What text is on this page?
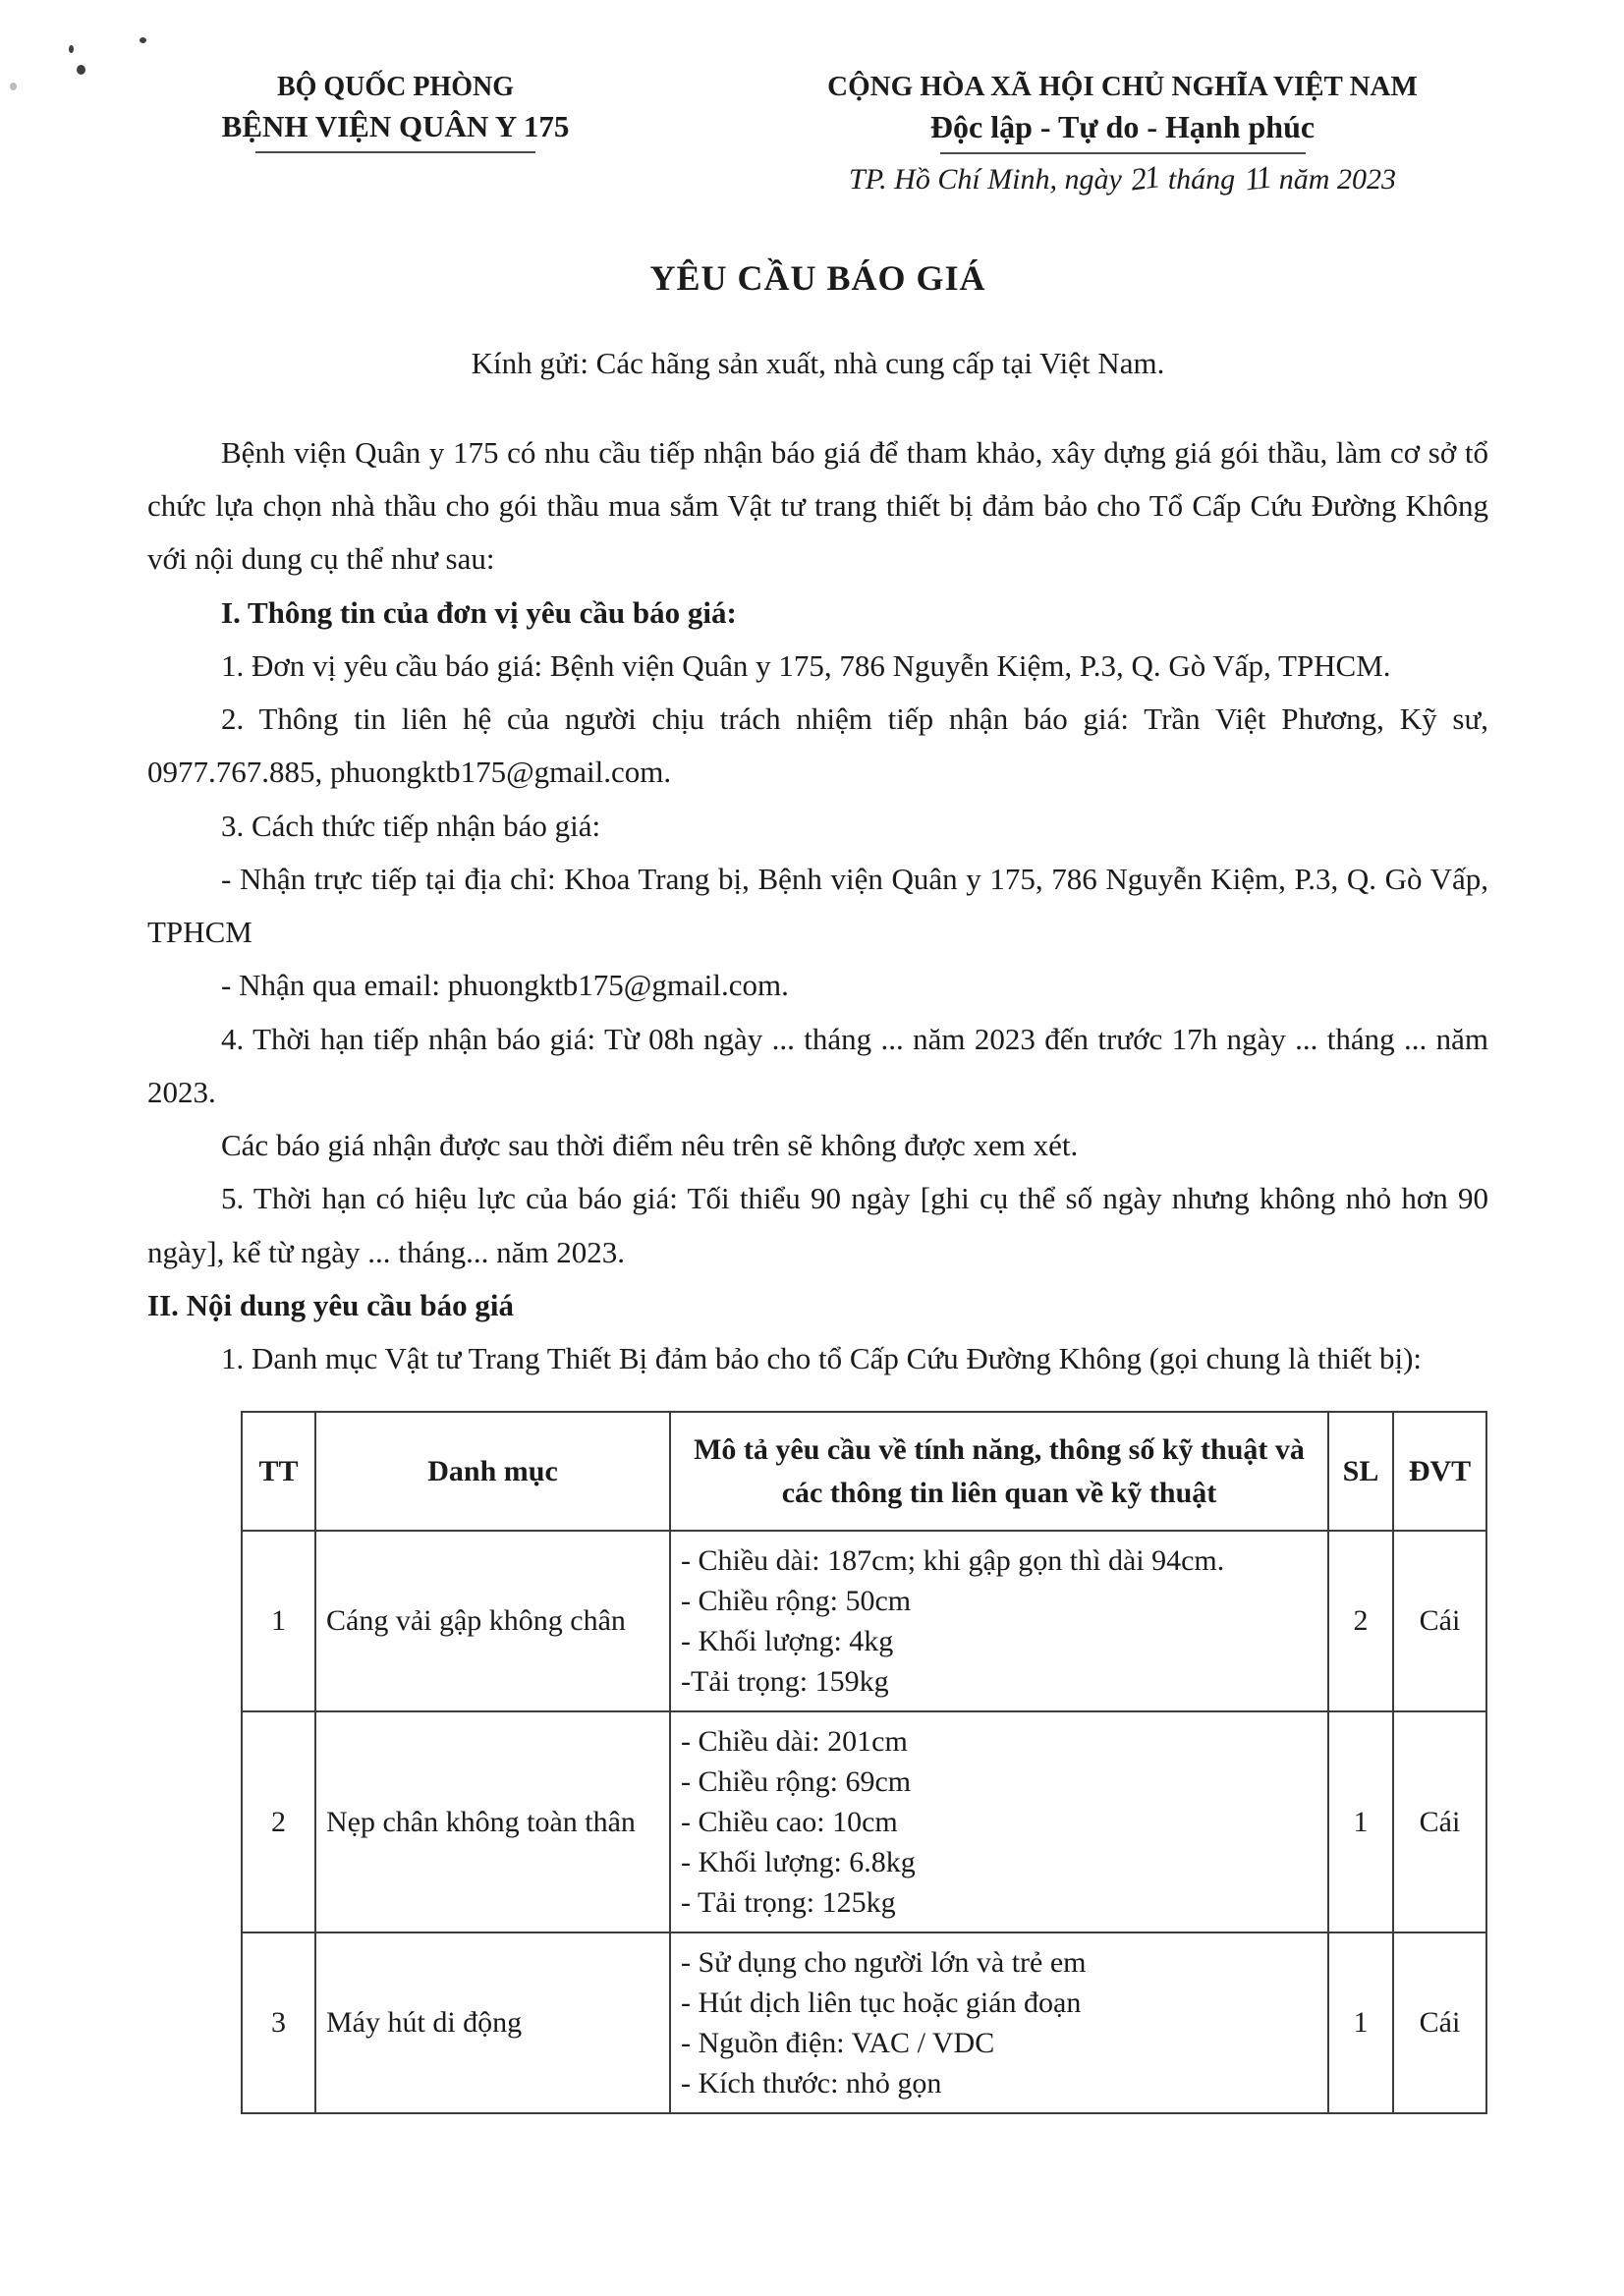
BỘ QUỐC PHÒNG
BỆNH VIỆN QUÂN Y 175
CỘNG HÒA XÃ HỘI CHỦ NGHĨA VIỆT NAM
Độc lập - Tự do - Hạnh phúc
TP. Hồ Chí Minh, ngày 21 tháng 11 năm 2023
YÊU CẦU BÁO GIÁ
Kính gửi: Các hãng sản xuất, nhà cung cấp tại Việt Nam.

Bệnh viện Quân y 175 có nhu cầu tiếp nhận báo giá để tham khảo, xây dựng giá gói thầu, làm cơ sở tổ chức lựa chọn nhà thầu cho gói thầu mua sắm Vật tư trang thiết bị đảm bảo cho Tổ Cấp Cứu Đường Không với nội dung cụ thể như sau:

I. Thông tin của đơn vị yêu cầu báo giá:

1. Đơn vị yêu cầu báo giá: Bệnh viện Quân y 175, 786 Nguyễn Kiệm, P.3, Q. Gò Vấp, TPHCM.

2. Thông tin liên hệ của người chịu trách nhiệm tiếp nhận báo giá: Trần Việt Phương, Kỹ sư, 0977.767.885, phuongktb175@gmail.com.

3. Cách thức tiếp nhận báo giá:

- Nhận trực tiếp tại địa chỉ: Khoa Trang bị, Bệnh viện Quân y 175, 786 Nguyễn Kiệm, P.3, Q. Gò Vấp, TPHCM

- Nhận qua email: phuongktb175@gmail.com.

4. Thời hạn tiếp nhận báo giá: Từ 08h ngày ... tháng ... năm 2023 đến trước 17h ngày ... tháng ... năm 2023.

Các báo giá nhận được sau thời điểm nêu trên sẽ không được xem xét.

5. Thời hạn có hiệu lực của báo giá: Tối thiểu 90 ngày [ghi cụ thể số ngày nhưng không nhỏ hơn 90 ngày], kể từ ngày ... tháng... năm 2023.

II. Nội dung yêu cầu báo giá

1. Danh mục Vật tư Trang Thiết Bị đảm bảo cho tổ Cấp Cứu Đường Không (gọi chung là thiết bị):

TT	Danh mục	Mô tả yêu cầu về tính năng, thông số kỹ thuật và các thông tin liên quan về kỹ thuật	SL	ĐVT
1	Cáng vải gập không chân	- Chiều dài: 187cm; khi gập gọn thì dài 94cm.
- Chiều rộng: 50cm
- Khối lượng: 4kg
-Tải trọng: 159kg	2	Cái
2	Nẹp chân không toàn thân	- Chiều dài: 201cm
- Chiều rộng: 69cm
- Chiều cao: 10cm
- Khối lượng: 6.8kg
- Tải trọng: 125kg	1	Cái
3	Máy hút di động	- Sử dụng cho người lớn và trẻ em
- Hút dịch liên tục hoặc gián đoạn
- Nguồn điện: VAC / VDC
- Kích thước: nhỏ gọn	1	Cái
